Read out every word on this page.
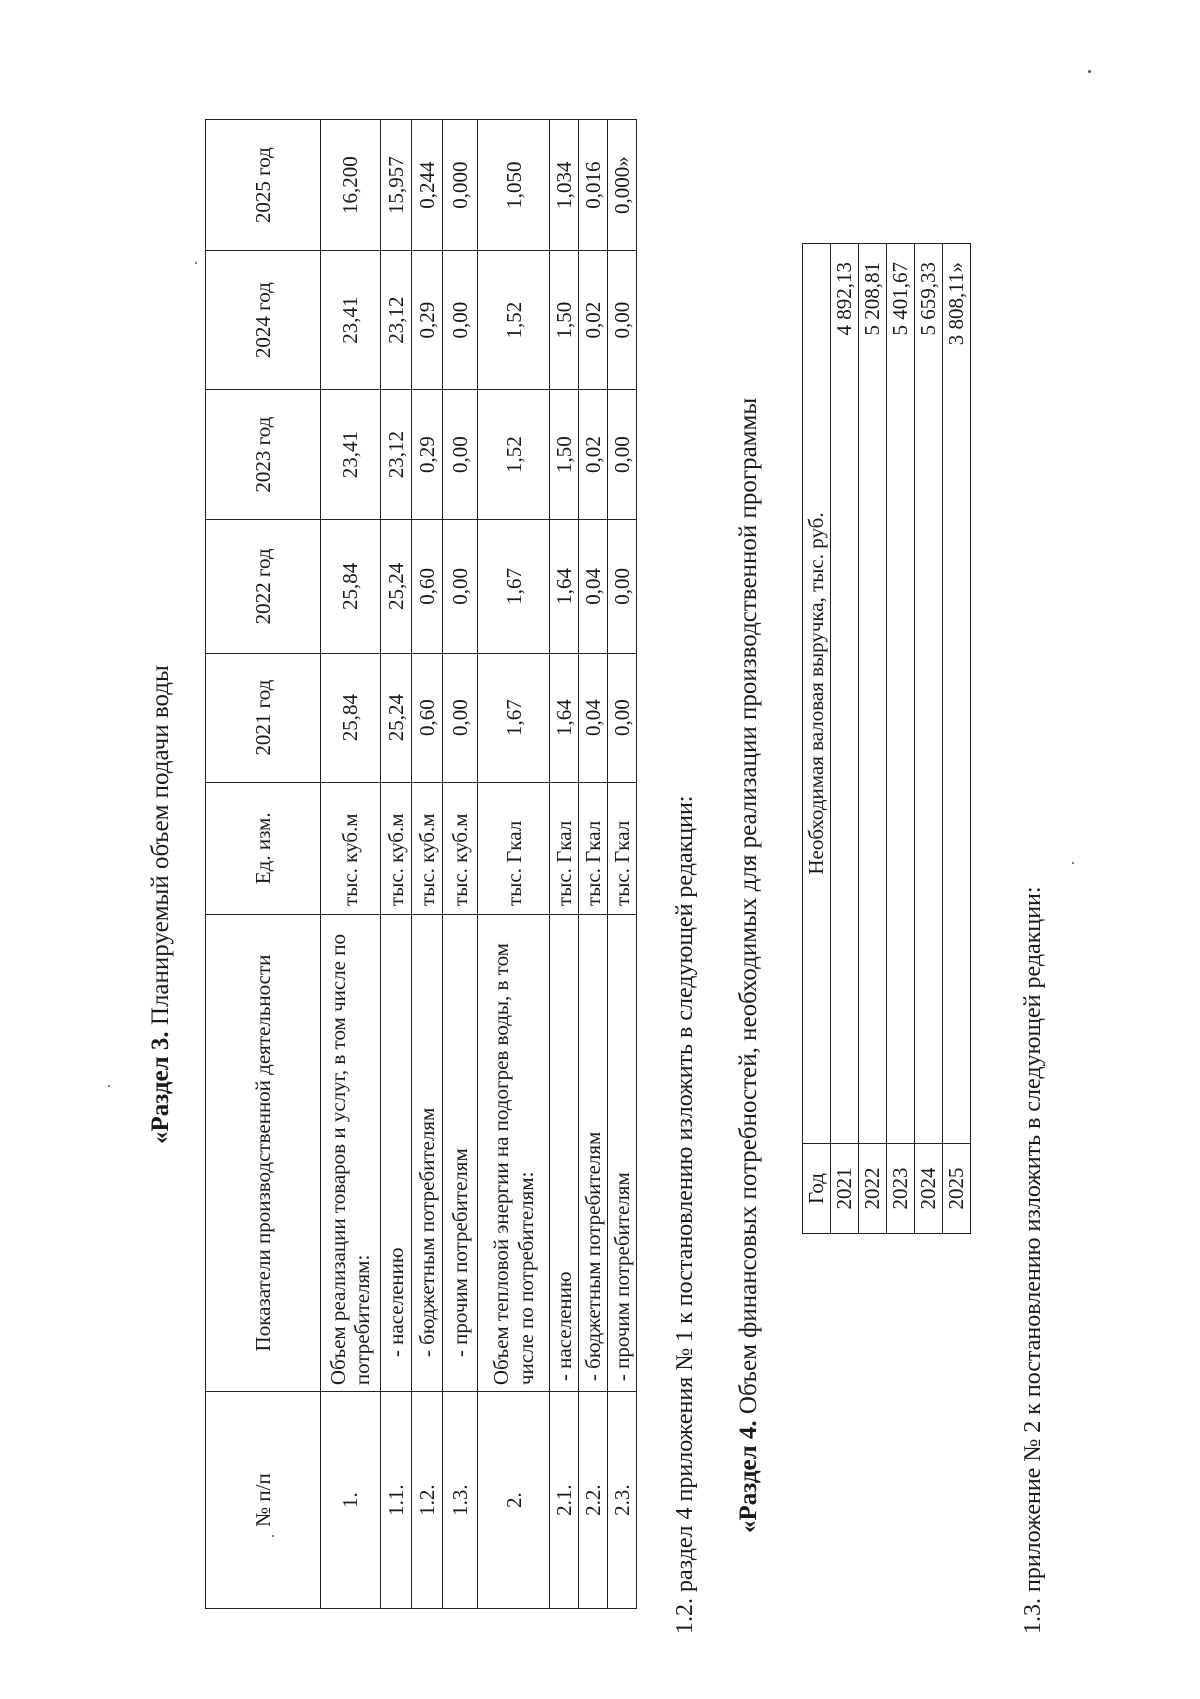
«Раздел 3. Планируемый объем подачи воды
№ п/п	Показатели производственной деятельности	Ед. изм.	2021 год	2022 год	2023 год	2024 год	2025 год
1.	Объем реализации товаров и услуг, в том числе по потребителям:	тыс. куб.м	25,84	25,84	23,41	23,41	16,200
1.1.	- населению	тыс. куб.м	25,24	25,24	23,12	23,12	15,957
1.2.	- бюджетным потребителям	тыс. куб.м	0,60	0,60	0,29	0,29	0,244
1.3.	- прочим потребителям	тыс. куб.м	0,00	0,00	0,00	0,00	0,000
2.	Объем тепловой энергии на подогрев воды, в том числе по потребителям:	тыс. Гкал	1,67	1,67	1,52	1,52	1,050
2.1.	- населению	тыс. Гкал	1,64	1,64	1,50	1,50	1,034
2.2.	- бюджетным потребителям	тыс. Гкал	0,04	0,04	0,02	0,02	0,016
2.3.	- прочим потребителям	тыс. Гкал	0,00	0,00	0,00	0,00	0,000»
1.2. раздел 4 приложения № 1 к постановлению изложить в следующей редакции: «Раздел 4. Объем финансовых потребностей, необходимых для реализации производственной программы Год	Необходимая валовая выручка, тыс. руб.
2021	4 892,13
2022	5 208,81
2023	5 401,67
2024	5 659,33
2025	3 808,11»
1.3. приложение № 2 к постановлению изложить в следующей редакции:
